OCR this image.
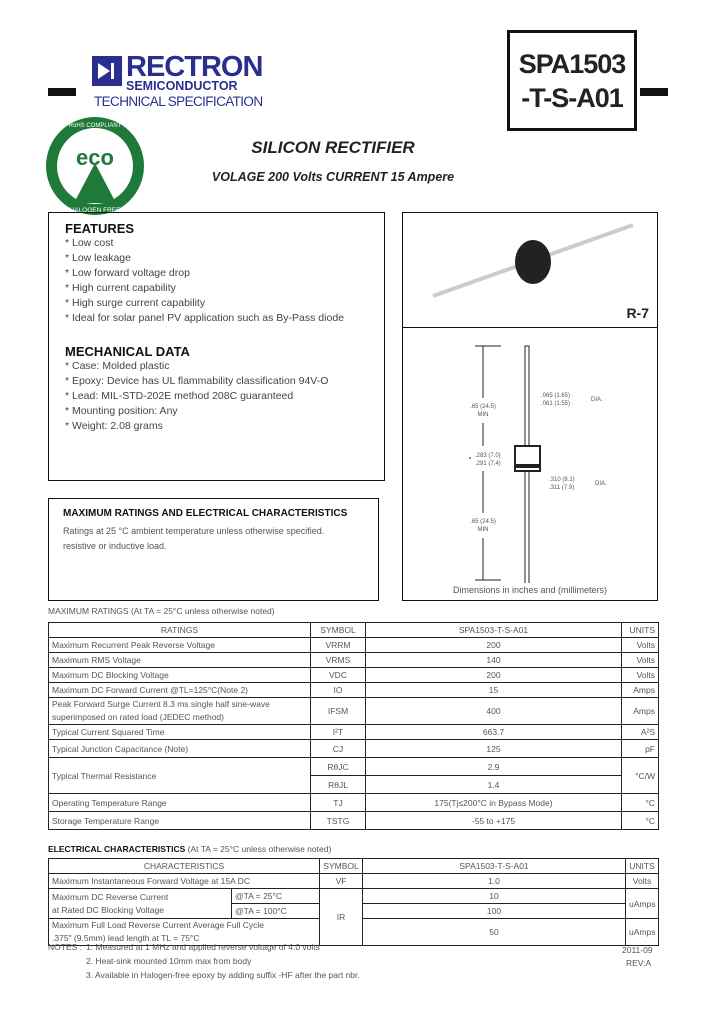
RECTRON
SEMICONDUCTOR
TECHNICAL SPECIFICATION
SPA1503
-T-S-A01
eco
RoHS COMPLIANT
HALOGEN FREE
SILICON RECTIFIER
VOLAGE 200 Volts CURRENT 15 Ampere
FEATURES
* Low cost
* Low leakage
* Low forward voltage drop
* High current capability
* High surge current capability
* Ideal for solar panel PV application such as By-Pass diode
MECHANICAL DATA
* Case: Molded plastic
* Epoxy: Device has UL flammability classification 94V-O
* Lead: MIL-STD-202E method 208C guaranteed
* Mounting position: Any
* Weight: 2.08 grams
R-7
.65 (24.5)
MIN
.65 (24.5)
MIN
.065 (1.65)
.061 (1.55)
DIA.
.283 (7.0)
.291 (7.4)
.310 (8.1)
.311 (7.9)
DIA.
Dimensions in inches and (millimeters)
MAXIMUM RATINGS AND ELECTRICAL CHARACTERISTICS
Ratings at 25 °C ambient temperature unless otherwise specified.
resistive or inductive load.
MAXIMUM RATINGS (At TA = 25°C unless otherwise noted)
RATINGS	SYMBOL	SPA1503-T-S-A01	UNITS
Maximum Recurrent Peak Reverse Voltage	VRRM	200	Volts
Maximum RMS Voltage	VRMS	140	Volts
Maximum DC Blocking Voltage	VDC	200	Volts
Maximum DC Forward Current @TL=125°C(Note 2)	IO	15	Amps

Peak Forward Surge Current 8.3 ms single half sine-wave
superimposed on rated load (JEDEC method)	IFSM	400	Amps
Typical Current Squared Time	I²T	663.7	A²S
Typical Junction Capacitance (Note)	CJ	125	pF
Typical Thermal Resistance	RθJC	2.9	°C/W
	RθJL	1.4	
Operating Temperature Range	TJ	175(Tj≤200°C in Bypass Mode)	°C
Storage Temperature Range	TSTG	-55 to +175	°C
ELECTRICAL CHARACTERISTICS (At TA = 25°C unless otherwise noted)
CHARACTERISTICS		SYMBOL	SPA1503-T-S-A01	UNITS
Maximum Instantaneous Forward Voltage at 15A DC		VF	1.0	Volts

Maximum DC Reverse Current
at Rated DC Blocking Voltage	@TA = 25°C	IR	10	uAmps
	@TA = 100°C		100	

Maximum Full Load Reverse Current Average Full Cycle
.375" (9.5mm) lead length at TL = 75°C			50	uAmps
NOTES : 1. Measured at 1 MHz and applied reverse voltage of 4.0 volts
2. Heat-sink mounted 10mm max from body
3. Available in Halogen-free epoxy by adding suffix -HF after the part nbr.
2011-09
REV:A
